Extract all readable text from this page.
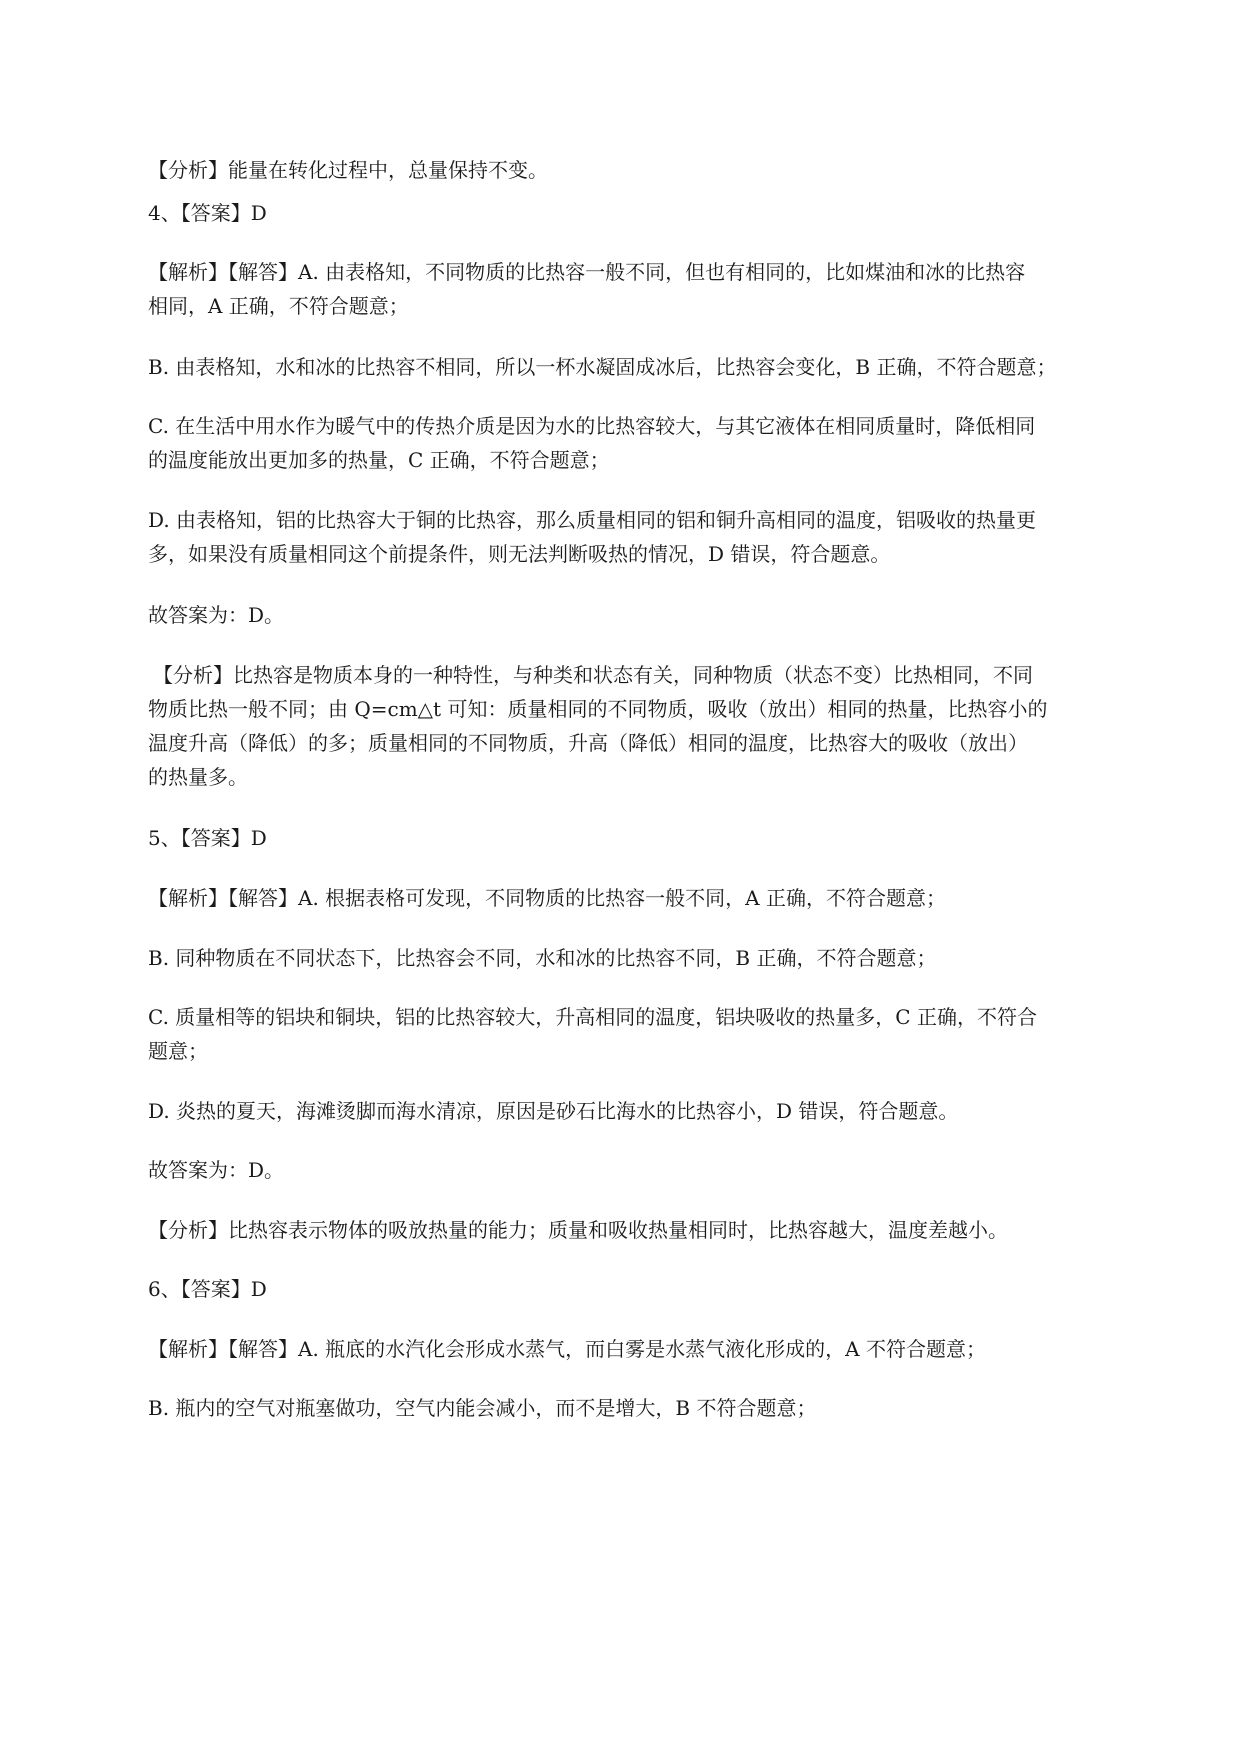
【分析】能量在转化过程中，总量保持不变。
4、【答案】D
【解析】【解答】A. 由表格知，不同物质的比热容一般不同，但也有相同的，比如煤油和冰的比热容
相同，A 正确，不符合题意；
B. 由表格知，水和冰的比热容不相同，所以一杯水凝固成冰后，比热容会变化，B 正确，不符合题意；
C. 在生活中用水作为暖气中的传热介质是因为水的比热容较大，与其它液体在相同质量时，降低相同
的温度能放出更加多的热量，C 正确，不符合题意；
D. 由表格知，铝的比热容大于铜的比热容，那么质量相同的铝和铜升高相同的温度，铝吸收的热量更
多，如果没有质量相同这个前提条件，则无法判断吸热的情况，D 错误，符合题意。
故答案为：D。
【分析】比热容是物质本身的一种特性，与种类和状态有关，同种物质（状态不变）比热相同，不同
物质比热一般不同；由 Q=cm△t 可知：质量相同的不同物质，吸收（放出）相同的热量，比热容小的
温度升高（降低）的多；质量相同的不同物质，升高（降低）相同的温度，比热容大的吸收（放出）
的热量多。
5、【答案】D
【解析】【解答】A. 根据表格可发现，不同物质的比热容一般不同，A 正确，不符合题意；
B. 同种物质在不同状态下，比热容会不同，水和冰的比热容不同，B 正确，不符合题意；
C. 质量相等的铝块和铜块，铝的比热容较大，升高相同的温度，铝块吸收的热量多，C 正确，不符合
题意；
D. 炎热的夏天，海滩烫脚而海水清凉，原因是砂石比海水的比热容小，D 错误，符合题意。
故答案为：D。
【分析】比热容表示物体的吸放热量的能力；质量和吸收热量相同时，比热容越大，温度差越小。
6、【答案】D
【解析】【解答】A. 瓶底的水汽化会形成水蒸气，而白雾是水蒸气液化形成的，A 不符合题意；
B. 瓶内的空气对瓶塞做功，空气内能会减小，而不是增大，B 不符合题意；
